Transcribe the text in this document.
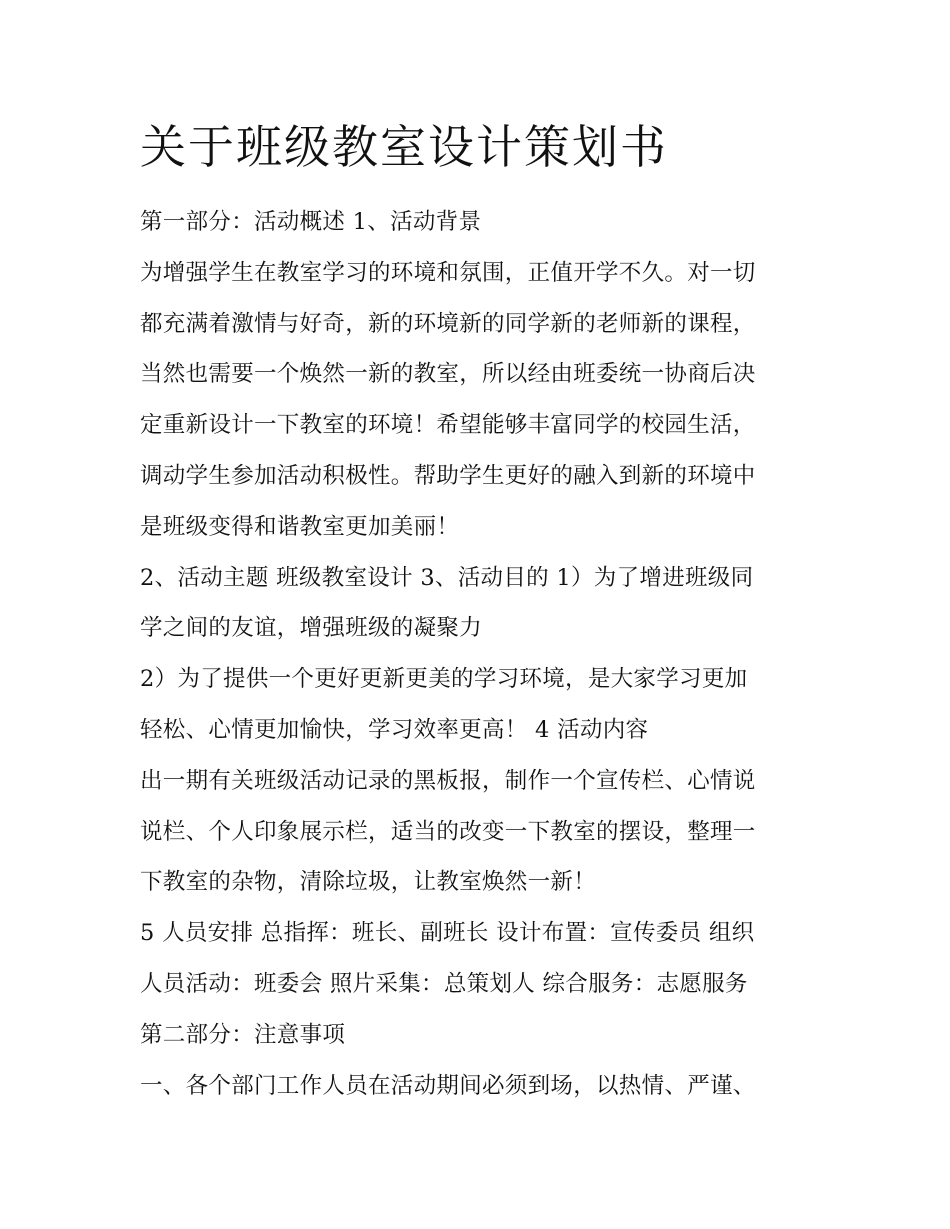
关于班级教室设计策划书
第一部分：活动概述 1、活动背景
为增强学生在教室学习的环境和氛围，正值开学不久。对一切
都充满着激情与好奇，新的环境新的同学新的老师新的课程，
当然也需要一个焕然一新的教室，所以经由班委统一协商后决
定重新设计一下教室的环境！希望能够丰富同学的校园生活，
调动学生参加活动积极性。帮助学生更好的融入到新的环境中
是班级变得和谐教室更加美丽！
2、活动主题 班级教室设计 3、活动目的 1）为了增进班级同
学之间的友谊，增强班级的凝聚力
2）为了提供一个更好更新更美的学习环境，是大家学习更加
轻松、心情更加愉快，学习效率更高！ 4 活动内容
出一期有关班级活动记录的黑板报，制作一个宣传栏、心情说
说栏、个人印象展示栏，适当的改变一下教室的摆设，整理一
下教室的杂物，清除垃圾，让教室焕然一新！
5 人员安排 总指挥：班长、副班长 设计布置：宣传委员 组织
人员活动：班委会 照片采集：总策划人 综合服务：志愿服务
第二部分：注意事项
一、各个部门工作人员在活动期间必须到场，以热情、严谨、
